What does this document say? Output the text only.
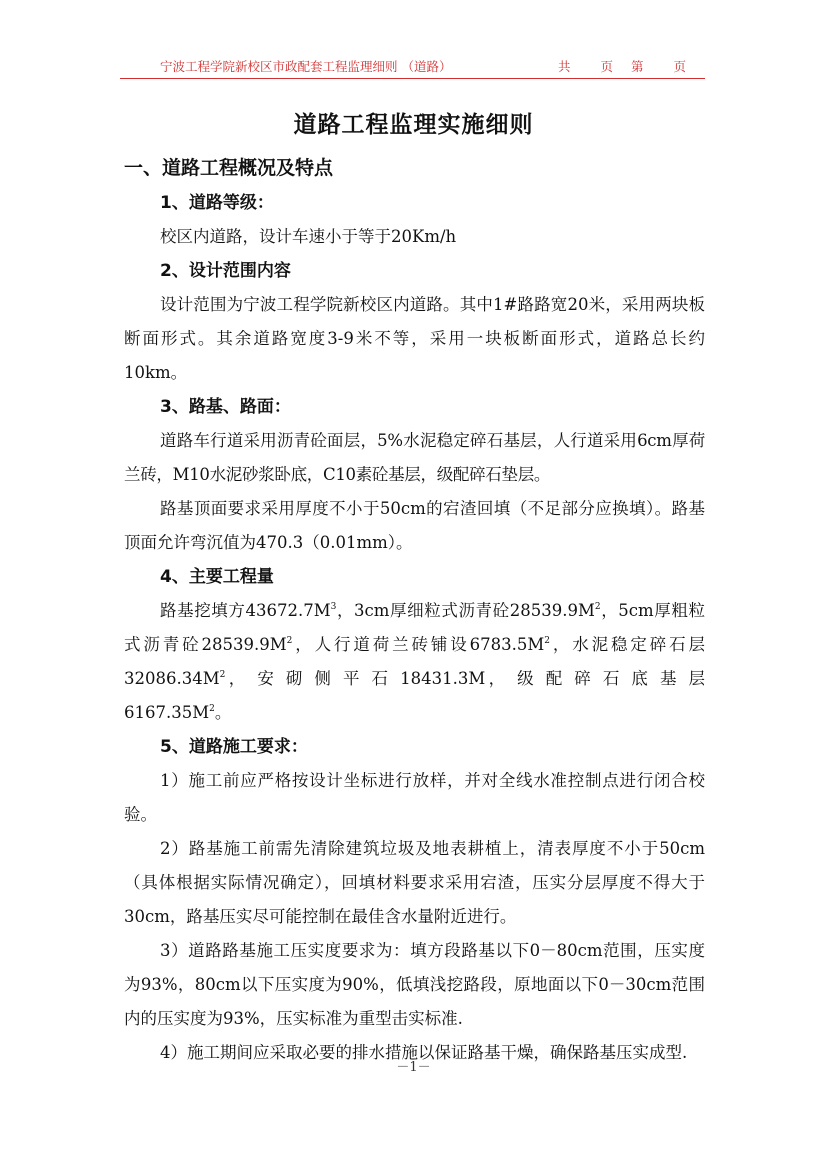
宁波工程学院新校区市政配套工程监理细则 （道路）	共 页 第 页
道路工程监理实施细则
一、道路工程概况及特点
1、道路等级：
校区内道路，设计车速小于等于20Km/h
2、设计范围内容
设计范围为宁波工程学院新校区内道路。其中1#路路宽20米，采用两块板断面形式。其余道路宽度3-9米不等，采用一块板断面形式，道路总长约10km。
3、路基、路面：
道路车行道采用沥青砼面层，5%水泥稳定碎石基层，人行道采用6cm厚荷兰砖，M10水泥砂浆卧底，C10素砼基层，级配碎石垫层。
路基顶面要求采用厚度不小于50cm的宕渣回填（不足部分应换填）。路基顶面允许弯沉值为470.3（0.01mm）。
4、主要工程量
路基挖填方$43672.7M^3$，3cm厚细粒式沥青砼$28539.9M^2$，5cm厚粗粒式沥青砼$28539.9M^2$，人行道荷兰砖铺设$6783.5M^2$，水泥稳定碎石层 $32086.34M^2$， 安 砌 侧 平 石 18431.3M， 级 配 碎 石 底 基 层 $6167.35M^2$。
5、道路施工要求：
1）施工前应严格按设计坐标进行放样，并对全线水准控制点进行闭合校验。
2）路基施工前需先清除建筑垃圾及地表耕植上，清表厚度不小于50cm（具体根据实际情况确定），回填材料要求采用宕渣，压实分层厚度不得大于30cm，路基压实尽可能控制在最佳含水量附近进行。
3）道路路基施工压实度要求为：填方段路基以下0－80cm范围，压实度为93%，80cm以下压实度为90%，低填浅挖路段，原地面以下0－30cm范围内的压实度为93%，压实标准为重型击实标准.
4）施工期间应采取必要的排水措施以保证路基干燥，确保路基压实成型.
－1－
